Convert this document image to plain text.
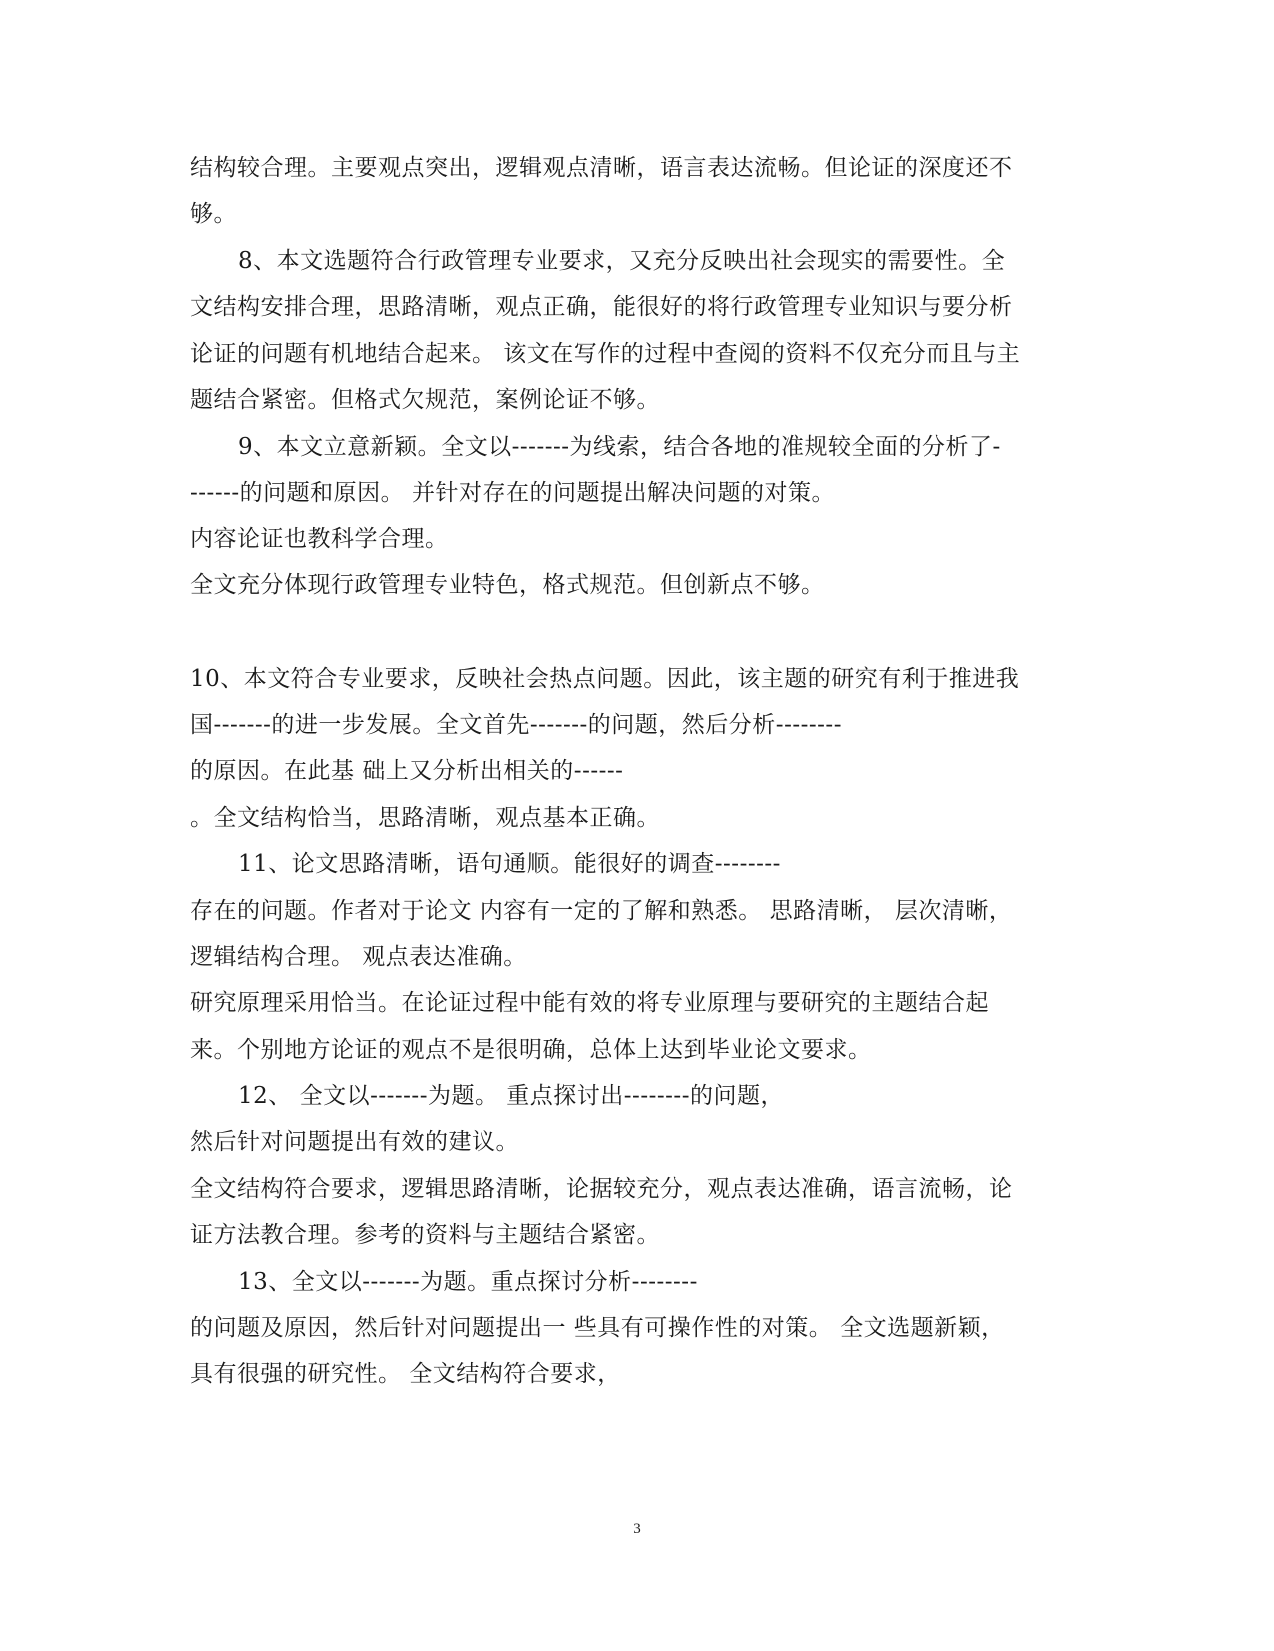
结构较合理。主要观点突出，逻辑观点清晰，语言表达流畅。但论证的深度还不
够。
8、本文选题符合行政管理专业要求，又充分反映出社会现实的需要性。全
文结构安排合理，思路清晰，观点正确，能很好的将行政管理专业知识与要分析
论证的问题有机地结合起来。 该文在写作的过程中查阅的资料不仅充分而且与主
题结合紧密。但格式欠规范，案例论证不够。
9、本文立意新颖。全文以-------为线索，结合各地的准规较全面的分析了-
------的问题和原因。 并针对存在的问题提出解决问题的对策。
内容论证也教科学合理。
全文充分体现行政管理专业特色，格式规范。但创新点不够。
10、本文符合专业要求，反映社会热点问题。因此，该主题的研究有利于推进我
国-------的进一步发展。全文首先-------的问题，然后分析--------
的原因。在此基 础上又分析出相关的------
。全文结构恰当，思路清晰，观点基本正确。
11、论文思路清晰，语句通顺。能很好的调查--------
存在的问题。作者对于论文 内容有一定的了解和熟悉。 思路清晰， 层次清晰，
逻辑结构合理。 观点表达准确。
研究原理采用恰当。在论证过程中能有效的将专业原理与要研究的主题结合起
来。个别地方论证的观点不是很明确，总体上达到毕业论文要求。
12、 全文以-------为题。 重点探讨出--------的问题，
然后针对问题提出有效的建议。
全文结构符合要求，逻辑思路清晰，论据较充分，观点表达准确，语言流畅，论
证方法教合理。参考的资料与主题结合紧密。
13、全文以-------为题。重点探讨分析--------
的问题及原因，然后针对问题提出一 些具有可操作性的对策。 全文选题新颖，
具有很强的研究性。 全文结构符合要求，
3
